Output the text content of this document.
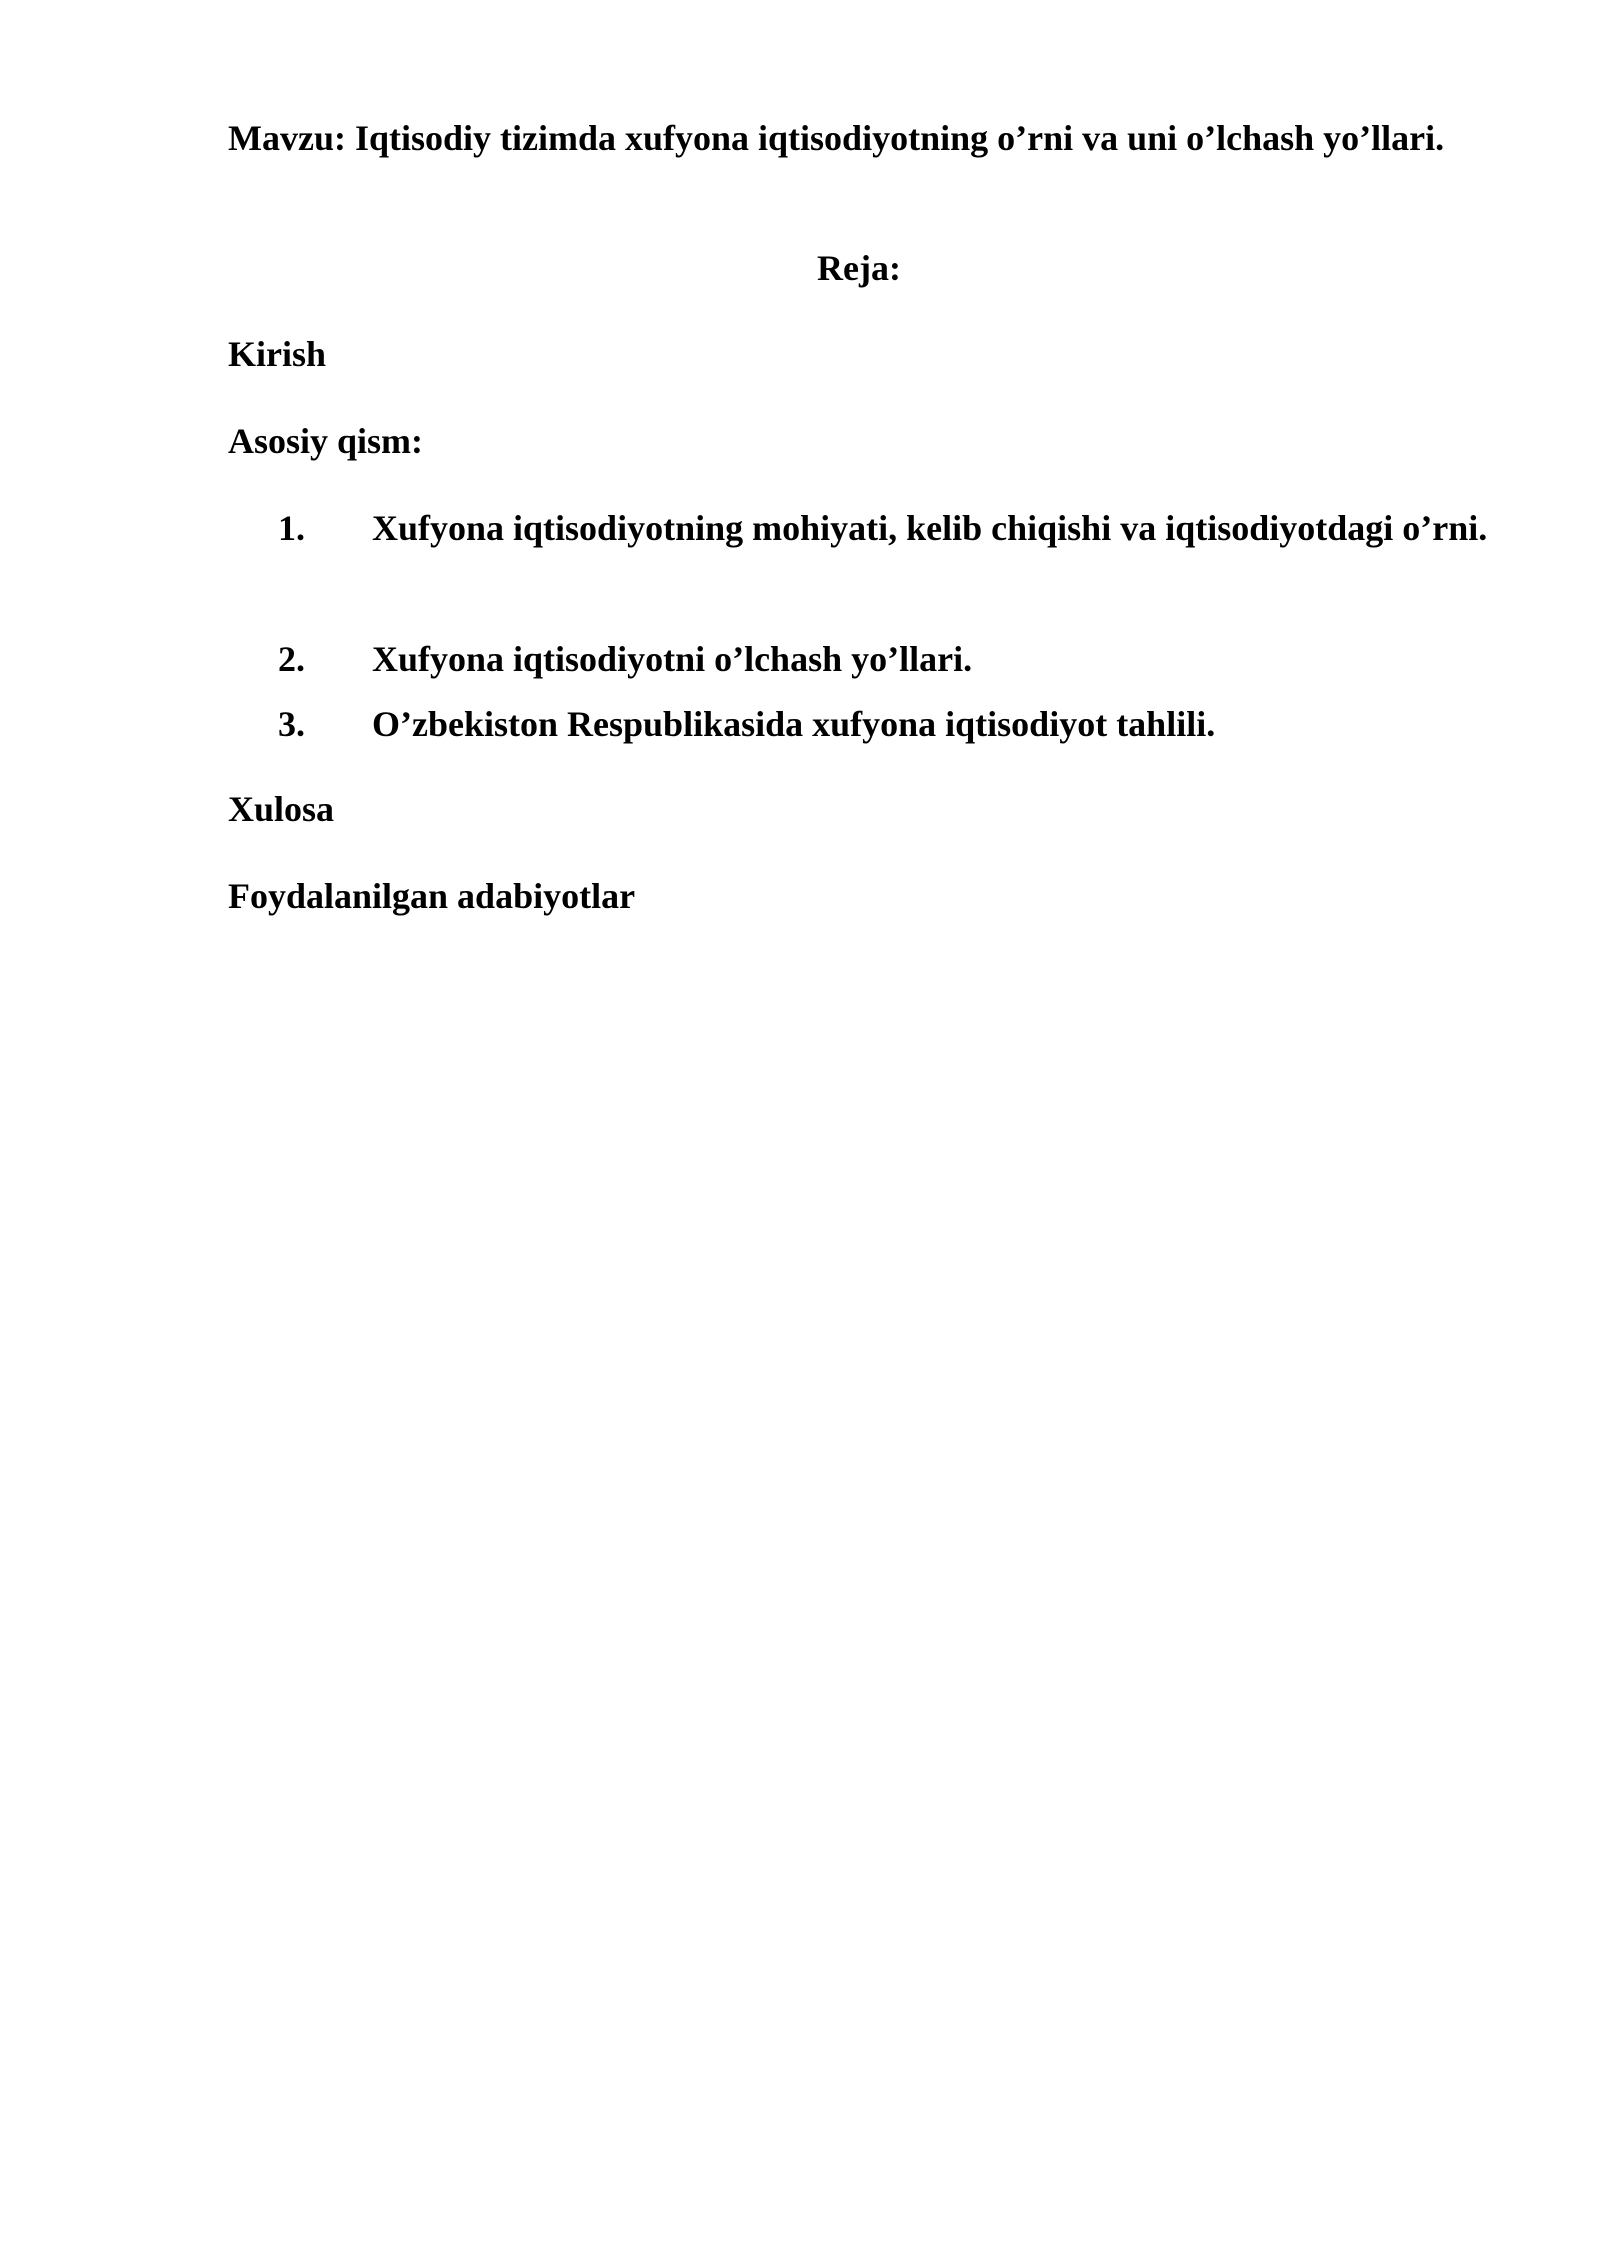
Mavzu: Iqtisodiy tizimda xufyona iqtisodiyotning o’rni va uni o’lchash yo’llari.
Reja:
Kirish
Asosiy qism:
1. Xufyona iqtisodiyotning mohiyati, kelib chiqishi va iqtisodiyotdagi o’rni.
2. Xufyona iqtisodiyotni o’lchash yo’llari.
3. O’zbekiston Respublikasida xufyona iqtisodiyot tahlili.
Xulosa
Foydalanilgan adabiyotlar
